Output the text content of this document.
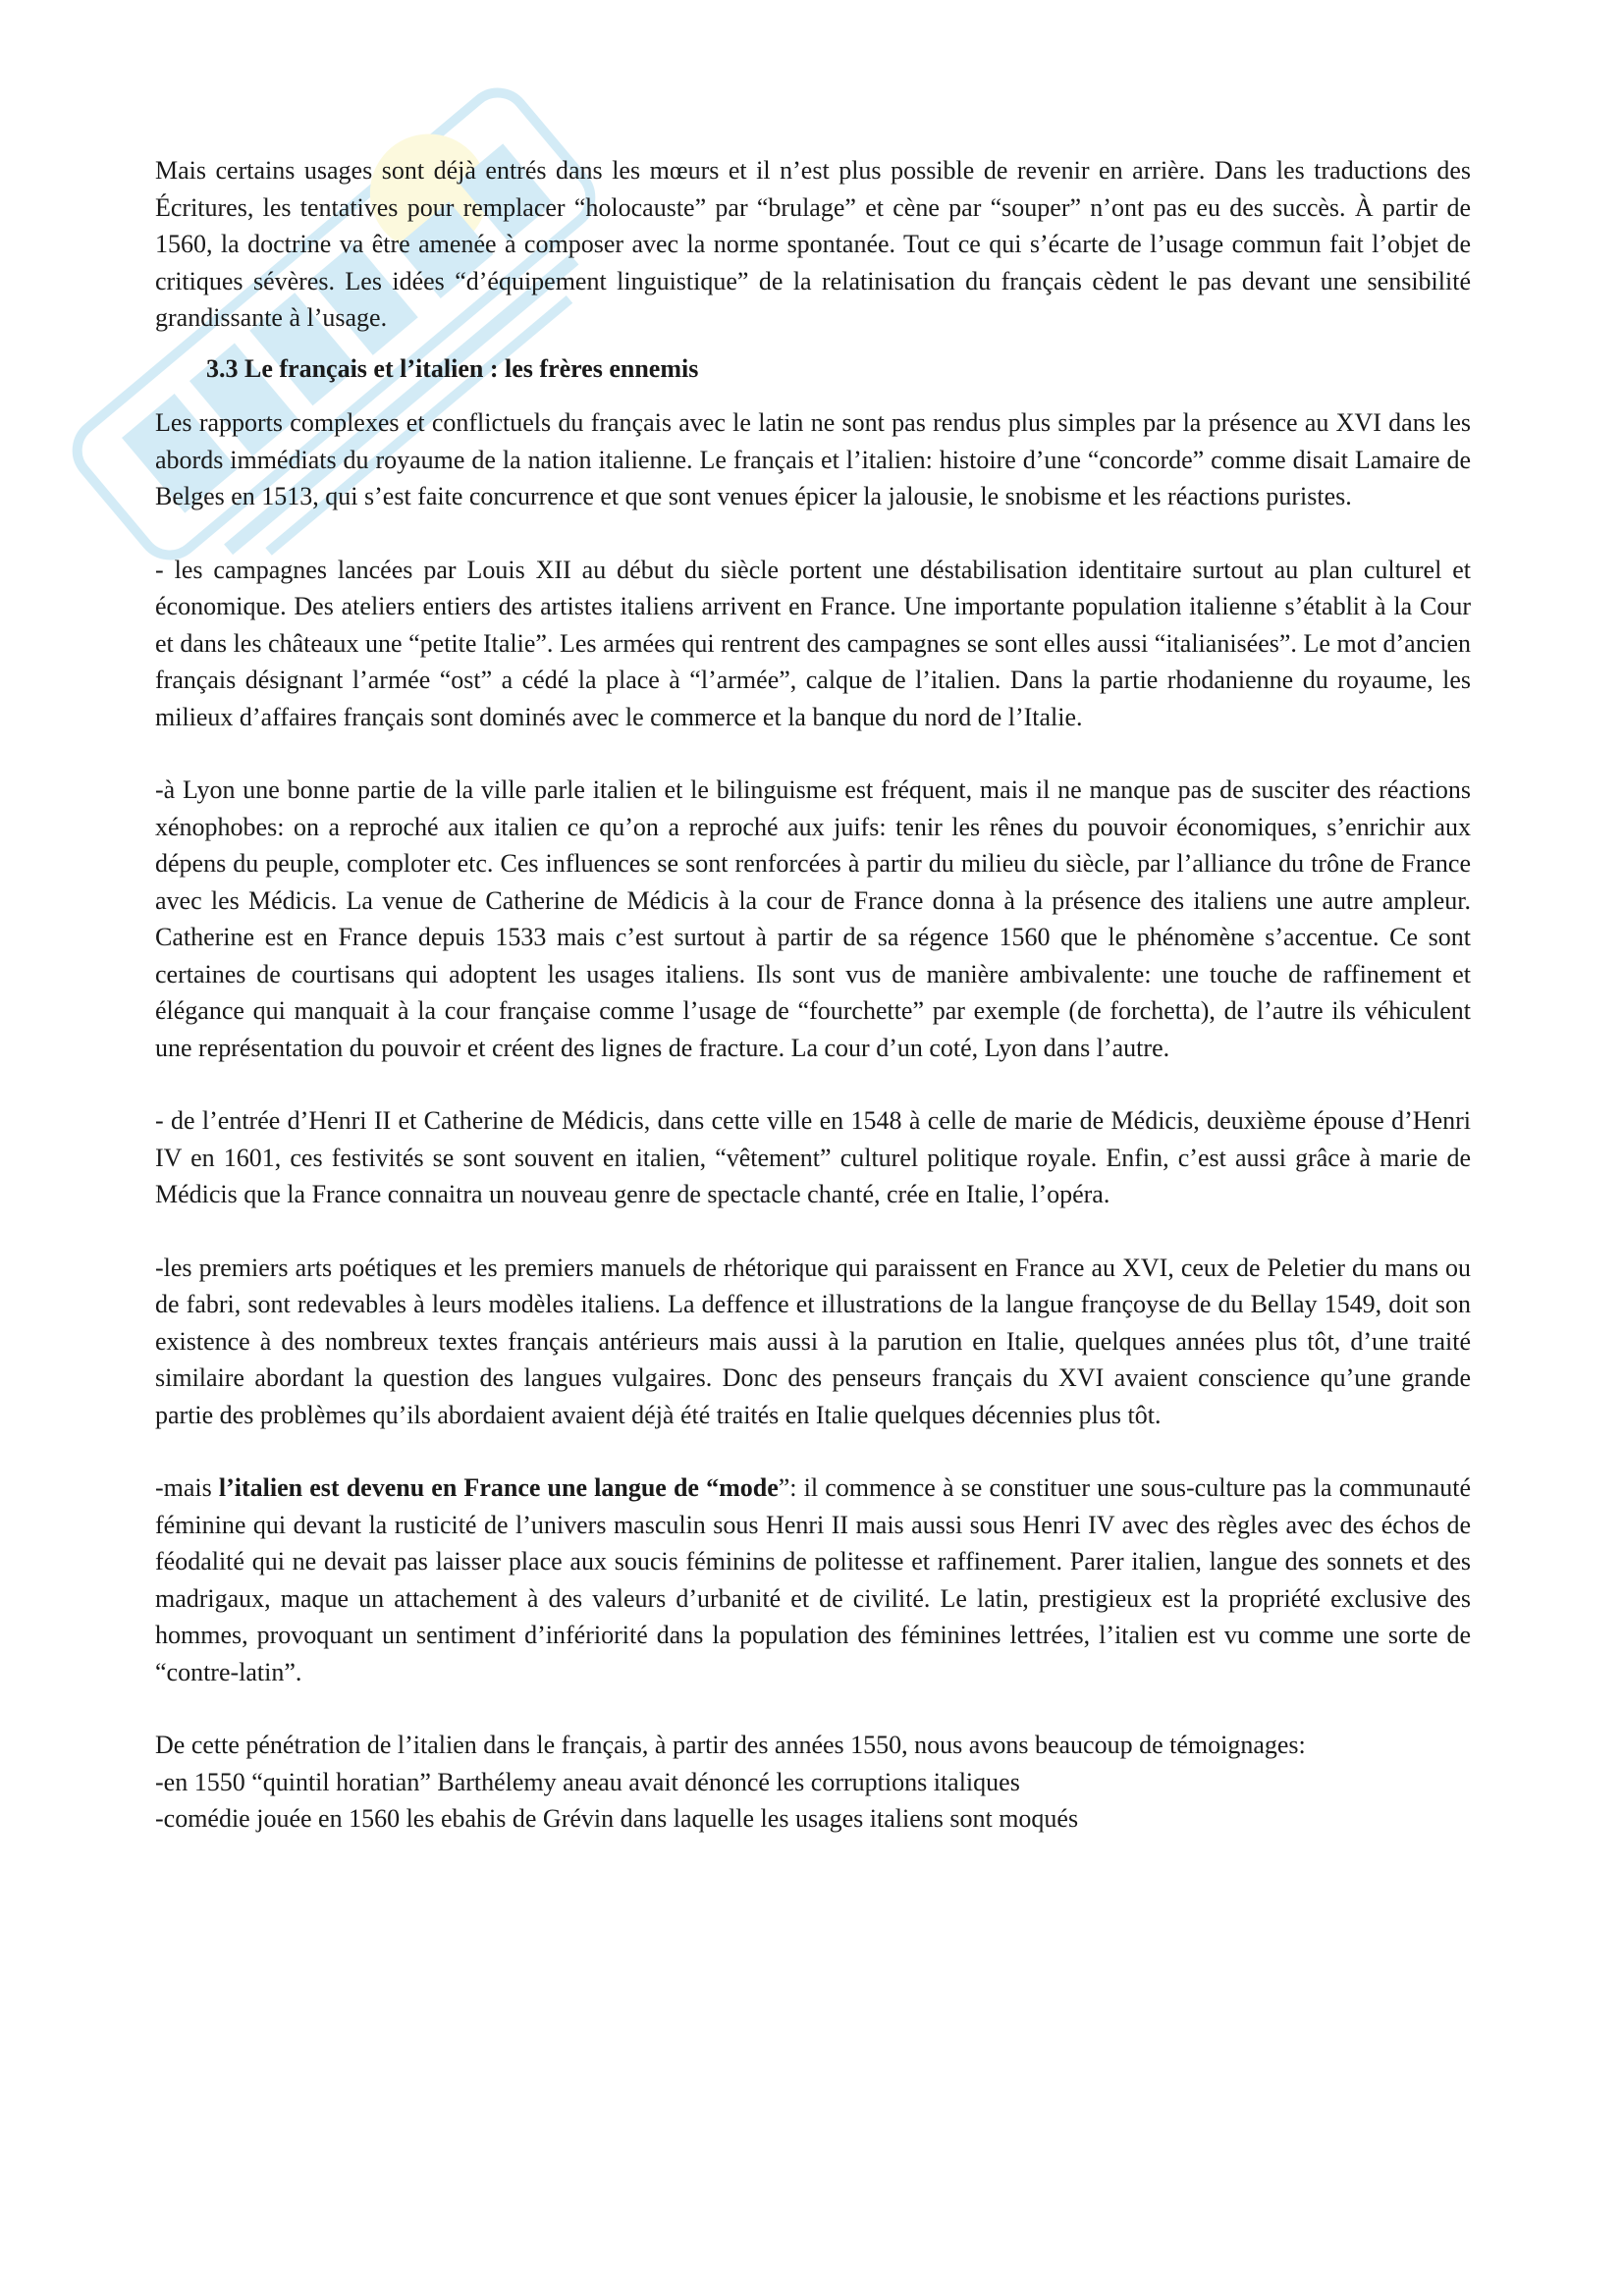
Mais certains usages sont déjà entrés dans les mœurs et il n’est plus possible de revenir en arrière. Dans les traductions des Écritures, les tentatives pour remplacer “holocauste” par “brulage” et cène par “souper” n’ont pas eu des succès. À partir de 1560, la doctrine va être amenée à composer avec la norme spontanée. Tout ce qui s’écarte de l’usage commun fait l’objet de critiques sévères. Les idées “d’équipement linguistique” de la relatinisation du français cèdent le pas devant une sensibilité grandissante à l’usage.

3.3 Le français et l’italien : les frères ennemis

Les rapports complexes et conflictuels du français avec le latin ne sont pas rendus plus simples par la présence au XVI dans les abords immédiats du royaume de la nation italienne. Le français et l’italien: histoire d’une “concorde” comme disait Lamaire de Belges en 1513, qui s’est faite concurrence et que sont venues épicer la jalousie, le snobisme et les réactions puristes.

- les campagnes lancées par Louis XII au début du siècle portent une déstabilisation identitaire surtout au plan culturel et économique. Des ateliers entiers des artistes italiens arrivent en France. Une importante population italienne s’établit à la Cour et dans les châteaux une “petite Italie”. Les armées qui rentrent des campagnes se sont elles aussi “italianisées”. Le mot d’ancien français désignant l’armée “ost” a cédé la place à “l’armée”, calque de l’italien. Dans la partie rhodanienne du royaume, les milieux d’affaires français sont dominés avec le commerce et la banque du nord de l’Italie.

-à Lyon une bonne partie de la ville parle italien et le bilinguisme est fréquent, mais il ne manque pas de susciter des réactions xénophobes: on a reproché aux italien ce qu’on a reproché aux juifs: tenir les rênes du pouvoir économiques, s’enrichir aux dépens du peuple, comploter etc. Ces influences se sont renforcées à partir du milieu du siècle, par l’alliance du trône de France avec les Médicis. La venue de Catherine de Médicis à la cour de France donna à la présence des italiens une autre ampleur. Catherine est en France depuis 1533 mais c’est surtout à partir de sa régence 1560 que le phénomène s’accentue. Ce sont certaines de courtisans qui adoptent les usages italiens. Ils sont vus de manière ambivalente: une touche de raffinement et élégance qui manquait à la cour française comme l’usage de “fourchette” par exemple (de forchetta), de l’autre ils véhiculent une représentation du pouvoir et créent des lignes de fracture. La cour d’un coté, Lyon dans l’autre.

- de l’entrée d’Henri II et Catherine de Médicis, dans cette ville en 1548 à celle de marie de Médicis, deuxième épouse d’Henri IV en 1601, ces festivités se sont souvent en italien, “vêtement” culturel politique royale. Enfin, c’est aussi grâce à marie de Médicis que la France connaitra un nouveau genre de spectacle chanté, crée en Italie, l’opéra.

-les premiers arts poétiques et les premiers manuels de rhétorique qui paraissent en France au XVI, ceux de Peletier du mans ou de fabri, sont redevables à leurs modèles italiens. La deffence et illustrations de la langue françoyse de du Bellay 1549, doit son existence à des nombreux textes français antérieurs mais aussi à la parution en Italie, quelques années plus tôt, d’une traité similaire abordant la question des langues vulgaires. Donc des penseurs français du XVI avaient conscience qu’une grande partie des problèmes qu’ils abordaient avaient déjà été traités en Italie quelques décennies plus tôt.

-mais l’italien est devenu en France une langue de “mode”: il commence à se constituer une sous-culture pas la communauté féminine qui devant la rusticité de l’univers masculin sous Henri II mais aussi sous Henri IV avec des règles avec des échos de féodalité qui ne devait pas laisser place aux soucis féminins de politesse et raffinement. Parer italien, langue des sonnets et des madrigaux, maque un attachement à des valeurs d’urbanité et de civilité. Le latin, prestigieux est la propriété exclusive des hommes, provoquant un sentiment d’infériorité dans la population des féminines lettrées, l’italien est vu comme une sorte de “contre-latin”.

De cette pénétration de l’italien dans le français, à partir des années 1550, nous avons beaucoup de témoignages:

-en 1550 “quintil horatian” Barthélemy aneau avait dénoncé les corruptions italiques

-comédie jouée en 1560 les ebahis de Grévin dans laquelle les usages italiens sont moqués
